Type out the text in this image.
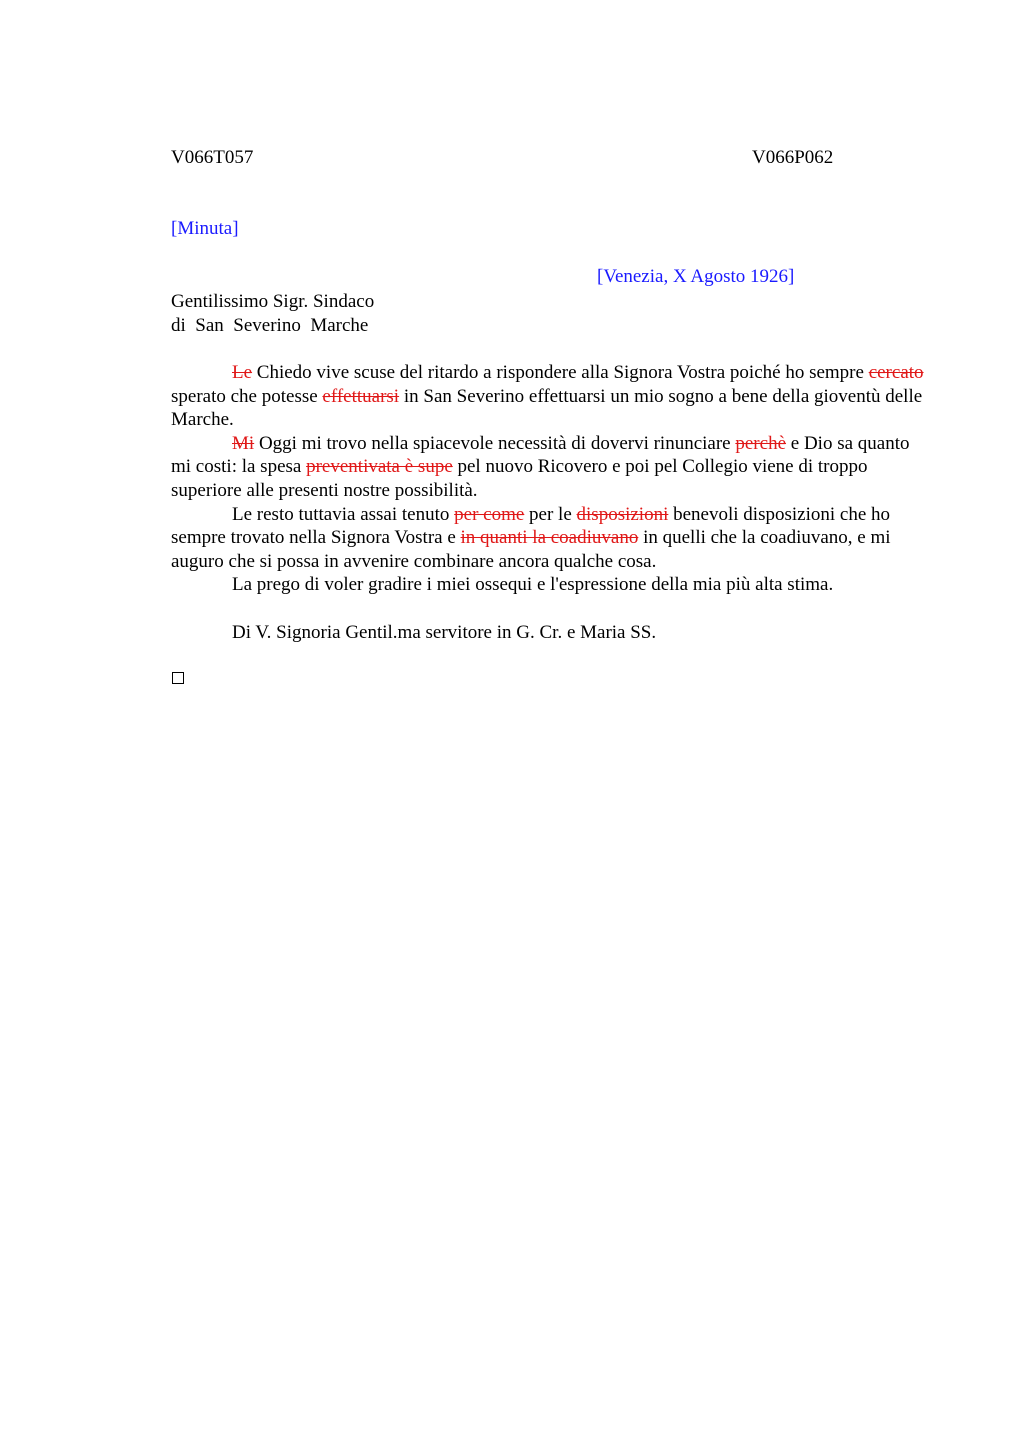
V066T057	V066P062
[Minuta]
[Venezia, X Agosto 1926]
Gentilissimo Sigr. Sindaco
di  San  Severino  Marche

Le Chiedo vive scuse del ritardo a rispondere alla Signora Vostra poiché ho sempre cercato sperato che potesse effettuarsi in San Severino effettuarsi un mio sogno a bene della gioventù delle Marche.

Mi Oggi mi trovo nella spiacevole necessità di dovervi rinunciare perchè e Dio sa quanto mi costi: la spesa preventivata è supe pel nuovo Ricovero e poi pel Collegio viene di troppo superiore alle presenti nostre possibilità.

Le resto tuttavia assai tenuto per come per le disposizioni benevoli disposizioni che ho sempre trovato nella Signora Vostra e in quanti la coadiuvano in quelli che la coadiuvano, e mi auguro che si possa in avvenire combinare ancora qualche cosa.

La prego di voler gradire i miei ossequi e l'espressione della mia più alta stima.

Di V. Signoria Gentil.ma servitore in G. Cr. e Maria SS.
